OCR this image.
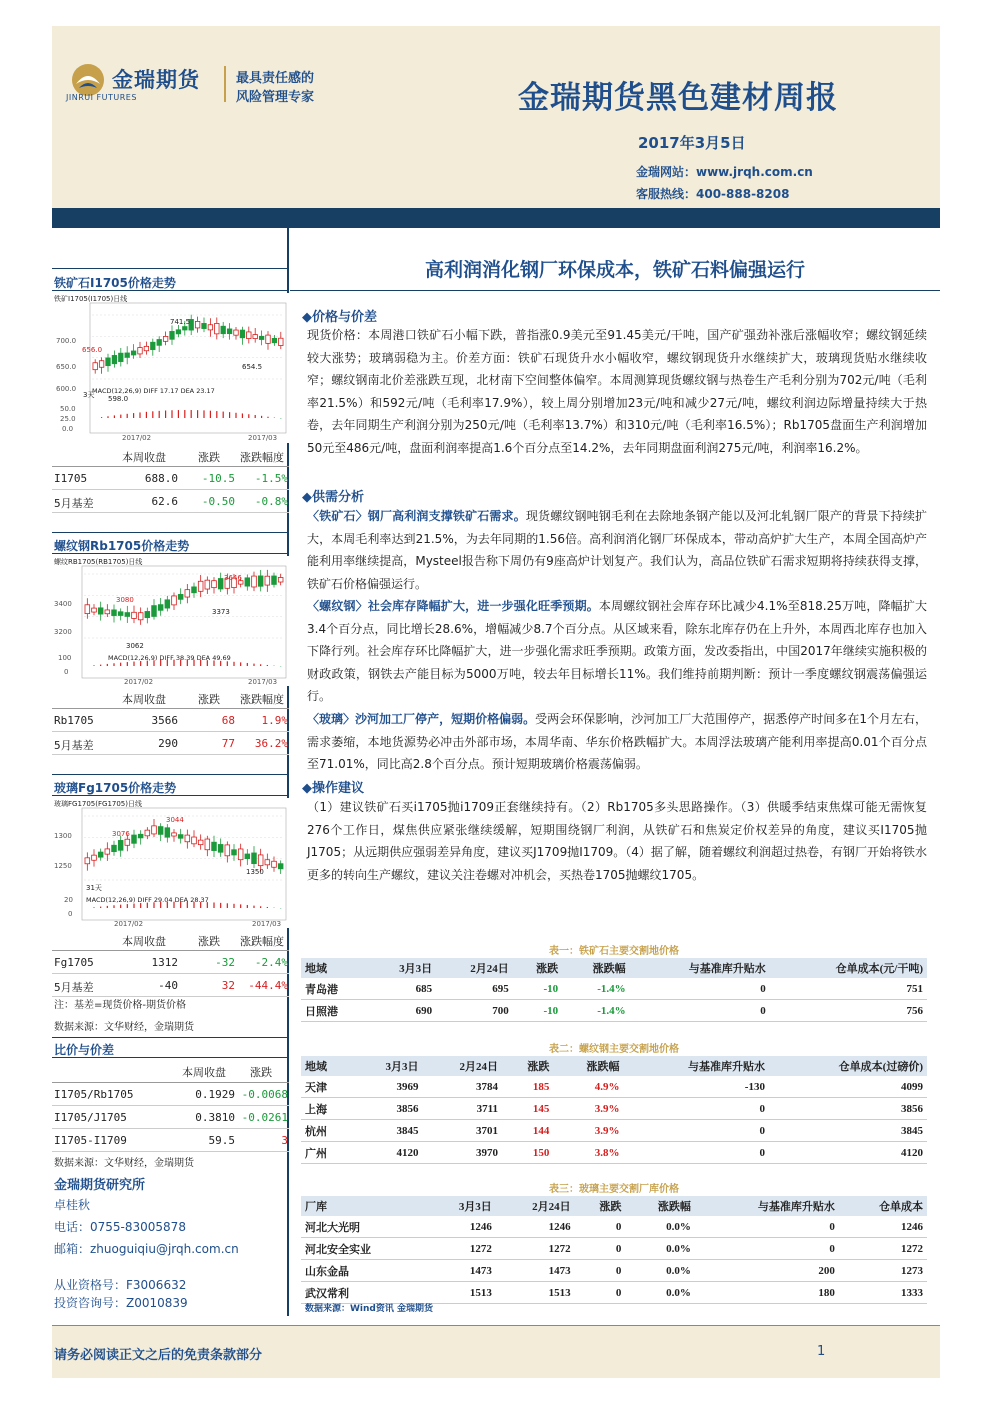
金瑞期货
JINRUI FUTURES
最具责任感的
风险管理专家	金瑞期货黑色建材周报
2017年3月5日
金瑞网站：www.jrqh.com.cn
客服热线：400-888-8208
高利润消化钢厂环保成本，铁矿石料偏强运行
◆价格与价差
现货价格：本周港口铁矿石小幅下跌，普指涨0.9美元至91.45美元/干吨，国产矿强劲补涨后涨幅收窄；螺纹钢延续较大涨势；玻璃弱稳为主。价差方面：铁矿石现货升水小幅收窄，螺纹钢现货升水继续扩大，玻璃现货贴水继续收窄；螺纹钢南北价差涨跌互现，北材南下空间整体偏窄。本周测算现货螺纹钢与热卷生产毛利分别为702元/吨（毛利率21.5%）和592元/吨（毛利率17.9%），较上周分别增加23元/吨和减少27元/吨，螺纹利润边际增量持续大于热卷，去年同期生产利润分别为250元/吨（毛利率13.7%）和310元/吨（毛利率16.5%）；Rb1705盘面生产利润增加50元至486元/吨，盘面利润率提高1.6个百分点至14.2%，去年同期盘面利润275元/吨，利润率16.2%。
◆供需分析
〈铁矿石〉钢厂高利润支撑铁矿石需求。现货螺纹钢吨钢毛利在去除地条钢产能以及河北轧钢厂限产的背景下持续扩大，本周毛利率达到21.5%，为去年同期的1.56倍。高利润消化钢厂环保成本，带动高炉扩大生产，本周全国高炉产能利用率继续提高，Mysteel报告称下周仍有9座高炉计划复产。我们认为，高品位铁矿石需求短期将持续获得支撑，铁矿石价格偏强运行。
〈螺纹钢〉社会库存降幅扩大，进一步强化旺季预期。本周螺纹钢社会库存环比减少4.1%至818.25万吨，降幅扩大3.4个百分点，同比增长28.6%，增幅减少8.7个百分点。从区域来看，除东北库存仍在上升外，本周西北库存也加入下降行列。社会库存环比降幅扩大，进一步强化需求旺季预期。政策方面，发改委指出，中国2017年继续实施积极的财政政策，钢铁去产能目标为5000万吨，较去年目标增长11%。我们维持前期判断：预计一季度螺纹钢震荡偏强运行。
〈玻璃〉沙河加工厂停产，短期价格偏弱。受两会环保影响，沙河加工厂大范围停产，据悉停产时间多在1个月左右，需求萎缩，本地货源势必冲击外部市场，本周华南、华东价格跌幅扩大。本周浮法玻璃产能利用率提高0.01个百分点至71.01%，同比高2.8个百分点。预计短期玻璃价格震荡偏弱。
◆操作建议
（1）建议铁矿石买i1705抛i1709正套继续持有。（2）Rb1705多头思路操作。（3）供暖季结束焦煤可能无需恢复276个工作日，煤焦供应紧张继续缓解，短期围绕钢厂利润，从铁矿石和焦炭定价权差异的角度，建议买I1705抛J1705；从远期供应强弱差异角度，建议买J1709抛I1709。（4）据了解，随着螺纹利润超过热卷，有钢厂开始将铁水更多的转向生产螺纹，建议关注卷螺对冲机会，买热卷1705抛螺纹1705。
表一：铁矿石主要交割地价格
地域	3月3日	2月24日	涨跌	涨跌幅	与基准库升贴水	仓单成本(元/干吨)
青岛港	685	695	-10	-1.4%	0	751
日照港	690	700	-10	-1.4%	0	756
表二：螺纹钢主要交割地价格
地域	3月3日	2月24日	涨跌	涨跌幅	与基准库升贴水	仓单成本(过磅价)
天津	3969	3784	185	4.9%	-130	4099
上海	3856	3711	145	3.9%	0	3856
杭州	3845	3701	144	3.9%	0	3845
广州	4120	3970	150	3.8%	0	4120
表三：玻璃主要交割厂库价格
厂库	3月3日	2月24日	涨跌	涨跌幅	与基准库升贴水	仓单成本
河北大光明	1246	1246	0	0.0%	0	1246
河北安全实业	1272	1272	0	0.0%	0	1272
山东金晶	1473	1473	0	0.0%	200	1273
武汉常利	1513	1513	0	0.0%	180	1333
数据来源：Wind资讯 金瑞期货
铁矿石I1705价格走势
铁矿I1705(I1705)日线
MACD(12,26,9) DIFF 17.17 DEA 23.17
2017/02	2017/03
741.5
656.0
654.5
598.0
3天
700.0
650.0
600.0
50.0
25.0
0.0
本周收盘	涨跌 涨跌幅度
I1705	688.0 -10.5 -1.5%
5月基差	62.6 -0.50 -0.8%
螺纹钢Rb1705价格走势
螺纹RB1705(RB1705)日线
MACD(12,26,9) DIFF 38.39 DEA 49.69
2017/02	2017/03
3646
3080
3373
3062
3400
3200
100
0
本周收盘	涨跌 涨跌幅度
Rb1705	3566	68 1.9%
5月基差	290	77 36.2%
玻璃Fg1705价格走势
玻璃FG1705(FG1705)日线
MACD(12,26,9) DIFF 29.04 DEA 28.37
2017/02	2017/03
3044
3076
1350
31天
1300
1250
20
0
本周收盘	涨跌 涨跌幅度
Fg1705	1312	-32 -2.4%
5月基差	-40	32 -44.4%
注：基差=现货价格-期货价格
数据来源：文华财经，金瑞期货
比价与价差
本周收盘 涨跌
I1705/Rb1705	0.1929 -0.0068
I1705/J1705	0.3810 -0.0261
I1705-I1709	59.5	3
数据来源：文华财经，金瑞期货
金瑞期货研究所
卓桂秋
电话：0755-83005878
邮箱：zhuoguiqiu@jrqh.com.cn
从业资格号：F3006632
投资咨询号：Z0010839
请务必阅读正文之后的免责条款部分	1
